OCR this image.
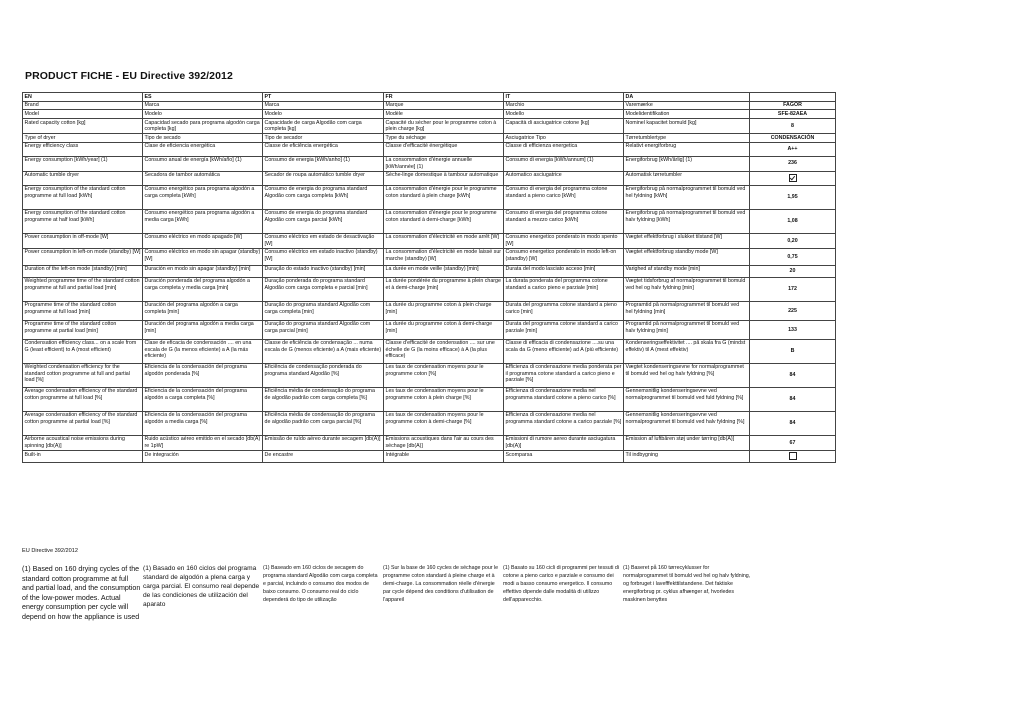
PRODUCT FICHE - EU Directive 392/2012
EN	ES	PT	FR	IT	DA	
Brand	Marca	Marca	Marque	Marchio	Varemærke	FAGOR
Model	Modelo	Modelo	Modèle	Modello	Modelidentifikation	SFE-82AEA
Rated capacity cotton [kg]	Capacidad secado para programa algodón carga completa [kg]	Capacidade de carga Algodão com carga completa [kg]	Capacité du sécher pour le programme coton à plein charge [kg]	Capacità di asciugatrice cotone [kg]	Nominel kapacitet bomuld [kg]	8
Type of dryer	Tipo de secado	Tipo de secador	Type du séchage	Asciugatrice Tipo	Tørretumblertype	CONDENSACIÓN
Energy efficiency class	Clase de eficiencia energética	Classe de eficiência energética	Classe d'efficacité énergétique	Classe di efficienza energetica	Relativt energiforbrug	A++
Energy consumption [kWh/year] (1)	Consumo anual de energía [kWh/año] (1)	Consumo de energia [kWh/anho] (1)	La consommation d'énergie annuelle [kWh/année] (1)	Consumo di energia [kWh/annum] (1)	Energiforbrug [kWh/årlig] (1)	236
Automatic tumble dryer	Secadora de tambor automática	Secador de roupa automático tumble dryer	Sèche-linge domestique à tambour automatique	Automatico asciugatrice	Automatisk tørretumbler	
Energy consumption of the standard cotton programme at full load [kWh]	Consumo energético para programa algodón a carga completa [kWh]	Consumo de energia do programa standard Algodão com carga completa [kWh]	La consommation d'énergie pour le programme coton standard à plein charge [kWh]	Consumo di energia del programma cotone standard a pieno carico [kWh]	Energiforbrug på normalprogrammet til bomuld ved hel fyldning [kWh]	1,95
Energy consumption of the standard cotton programme at half load [kWh]	Consumo energético para programa algodón a media carga [kWh]	Consumo de energia do programa standard Algodão com carga parcial [kWh]	La consommation d'énergie pour le programme coton standard à demi-charge [kWh]	Consumo di energia del programma cotone standard a mezzo carico [kWh]	Energiforbrug på normalprogrammet til bomuld ved halv fyldning [kWh]	1,08
Power consumption in off-mode [W]	Consumo eléctrico en modo apagado [W]	Consumo eléctrico em estado de desactivação [W]	La consommation d'électricité en mode arrêt [W]	Consumo energetico ponderato in modo spento [W]	Vægtet effektforbrug i slukket tilstand [W]	0,20
Power consumption in left-on mode (standby) [W]	Consumo eléctrico en modo sin apagar (standby) [W]	Consumo eléctrico em estado inactivo (standby) [W]	La consommation d'électricité en mode laissé sur marche (standby) [W]	Consumo energetico ponderato in modo left-on (standby) [W]	Vægtet effektforbrug standby mode [W]	0,75
Duration of the left-on mode (standby) [min]	Duración en modo sin apagar (standby) [min]	Duração do estado inactivo (standby) [min]	La durée en mode veille (standby) [min]	Durata del modo lasciato acceso [min]	Varighed af standby mode [min]	20
Weighted programme time of the standard cotton programme at full and partial load [min]	Duración ponderada del programa algodón a carga completa y media carga [min]	Duração ponderada do programa standard Algodão com carga completa e parcial [min]	La durée pondérée du programme à plein charge et à demi-charge [min]	La durata ponderata del programma cotone standard a carico pieno e parziale [min]	Vægtet tidsforbrug af normalprogrammet til bomuld ved hel og halv fyldning [min]	172
Programme time of the standard cotton programme at full load [min]	Duración del programa algodón a carga completa [min]	Duração do programa standard Algodão com carga completa [min]	La durée du programme coton à plein charge [min]	Durata del programma cotone standard a pieno carico [min]	Programtid på normalprogrammet til bomuld ved hel fyldning [min]	225
Programme time of the standard cotton programme at partial load [min]	Duración del programa algodón a media carga [min]	Duração do programa standard Algodão com carga parcial [min]	La durée du programme coton à demi-charge [min]	Durata del programma cotone standard a carico parziale [min]	Programtid på normalprogrammet til bomuld ved halv fyldning [min]	133
Condensation efficiency class... on a scale from G (least efficient) to A (most efficient)	Clase de eficacia de condensación .... en una escala de G (la menos eficiente) a A (la más eficiente)	Classe de eficiência de condensação ... numa escala de G (menos eficiente) a A (mais eficiente)	Classe d'efficacité de condensation .... sur une échelle de G (la moins efficace) à A (la plus efficace)	Classe di efficacia di condensazione ....su una scala da G (meno efficiente) ad A (più efficiente)	Kondenseringseffektivitet .... på skala fra G (mindst effektiv) til A (mest effektiv)	B
Weighted condensation efficiency for the standard cotton programme at full and partial load [%]	Eficiencia de la condensación del programa algodón ponderada [%]	Eficiência de condensação ponderada do programa standard Algodão [%]	Les taux de condensation moyens pour le programme coton [%]	Efficienza di condensazione media ponderata per il programma cotone standard a carico pieno e parziale [%]	Vægtet kondenseringsevne for normalprogrammet til bomuld ved hel og halv fyldning [%]	84
Average condensation efficiency of the standard cotton programme at full load [%]	Eficiencia de la condensación del programa algodón a carga completa [%]	Eficiência média de condensação do programa de algodão padrão com carga completa [%]	Les taux de condensation moyens pour le programme coton à plein charge [%]	Efficienza di condensazione media nel programma standard cotone a pieno carico [%]	Gennemsnitlig kondenseringsevne ved normalprogrammet til bomuld ved fuld fyldning [%]	84
Average condensation efficiency of the standard cotton programme at partial load [%]	Eficiencia de la condensación del programa algodón a media carga [%]	Eficiência média de condensação do programa de algodão padrão com carga parcial [%]	Les taux de condensation moyens pour le programme coton à demi-charge [%]	Efficienza di condensazione media nel programma standard cotone a carico parziale [%]	Gennemsnitlig kondenseringsevne ved normalprogrammet til bomuld ved halv fyldning [%]	84
Airborne acoustical noise emissions during spinning [db(A)]	Ruido acústico aéreo emitido en el secado [db(A) re 1pW]	Emissão de ruído aéreo durante secagem [db(A)]	Émissions acoustiques dans l'air au cours des séchage [db(A)]	Emissioni di rumore aereo durante asciugatura [db(A)]	Emission af luftbåren støj under tørring [db(A)]	67
Built-in	De integración	De encastre	Intégrable	Scomparsa	Til indbygning	
EU Directive 392/2012
(1) Based on 160 drying cycles of the standard cotton programme at full and partial load, and the consumption of the low-power modes. Actual energy consumption per cycle will depend on how the appliance is used
(1) Basado en 160 ciclos del programa standard de algodón a plena carga y carga parcial. El consumo real depende de las condiciones de utilización del aparato
(1) Baseado em 160 ciclos de secagem do programa standard Algodão com carga completa e parcial, incluindo o consumo dos modos de baixo consumo. O consumo real do ciclo dependerá do tipo de utilização
(1) Sur la base de 160 cycles de séchage pour le programme coton standard à pleine charge et à demi-charge. La consommation réelle d'énergie par cycle dépend des conditions d'utilisation de l'appareil
(1) Basato su 160 cicli di programmi per tessuti di cotone a pieno carico e parziale e consumo dei modi a basso consumo energetico. Il consumo effettivo dipende dalle modalità di utilizzo dell'apparecchio.
(1) Baseret på 160 tørrecyklusser for normalprogrammet til bomuld ved hel og halv fyldning, og forbruget i lavefffekttilstandene. Det faktiske energiforbrug pr. cyklus afhænger af, hvorledes maskinen benyttes
